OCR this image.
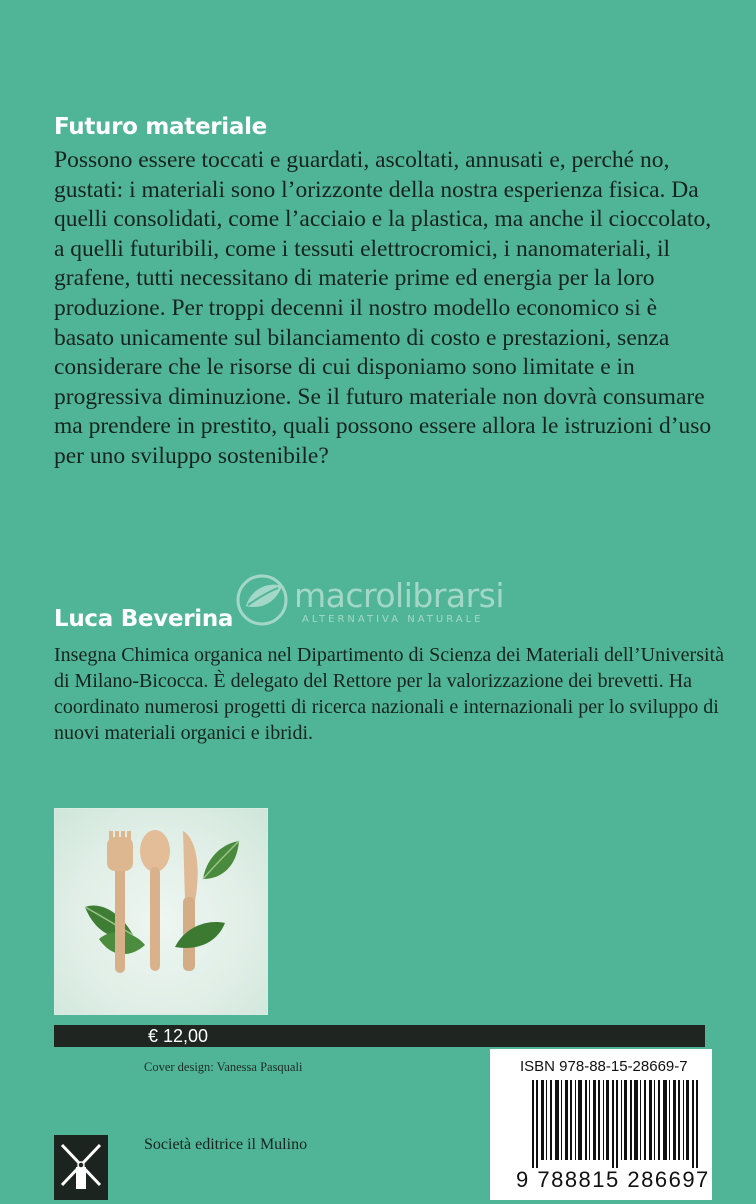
Futuro materiale

Possono essere toccati e guardati, ascoltati, annusati e, perché no, gustati: i materiali sono l’orizzonte della nostra esperienza fisica. Da quelli consolidati, come l’acciaio e la plastica, ma anche il cioccolato, a quelli futuribili, come i tessuti elettrocromici, i nanomateriali, il grafene, tutti necessitano di materie prime ed energia per la loro produzione. Per troppi decenni il nostro modello economico si è basato unicamente sul bilanciamento di costo e prestazioni, senza considerare che le risorse di cui disponiamo sono limitate e in progressiva diminuzione. Se il futuro materiale non dovrà consumare ma prendere in prestito, quali possono essere allora le istruzioni d’uso per uno sviluppo sostenibile?

macrolibrarsi
ALTERNATIVA NATURALE
Luca Beverina

Insegna Chimica organica nel Dipartimento di Scienza dei Materiali dell’Università di Milano-Bicocca. È delegato del Rettore per la valorizzazione dei brevetti. Ha coordinato numerosi progetti di ricerca nazionali e internazionali per lo sviluppo di nuovi materiali organici e ibridi.

€ 12,00
Cover design: Vanessa Pasquali
Società editrice il Mulino
ISBN 978-88-15-28669-7
9 788815 286697
